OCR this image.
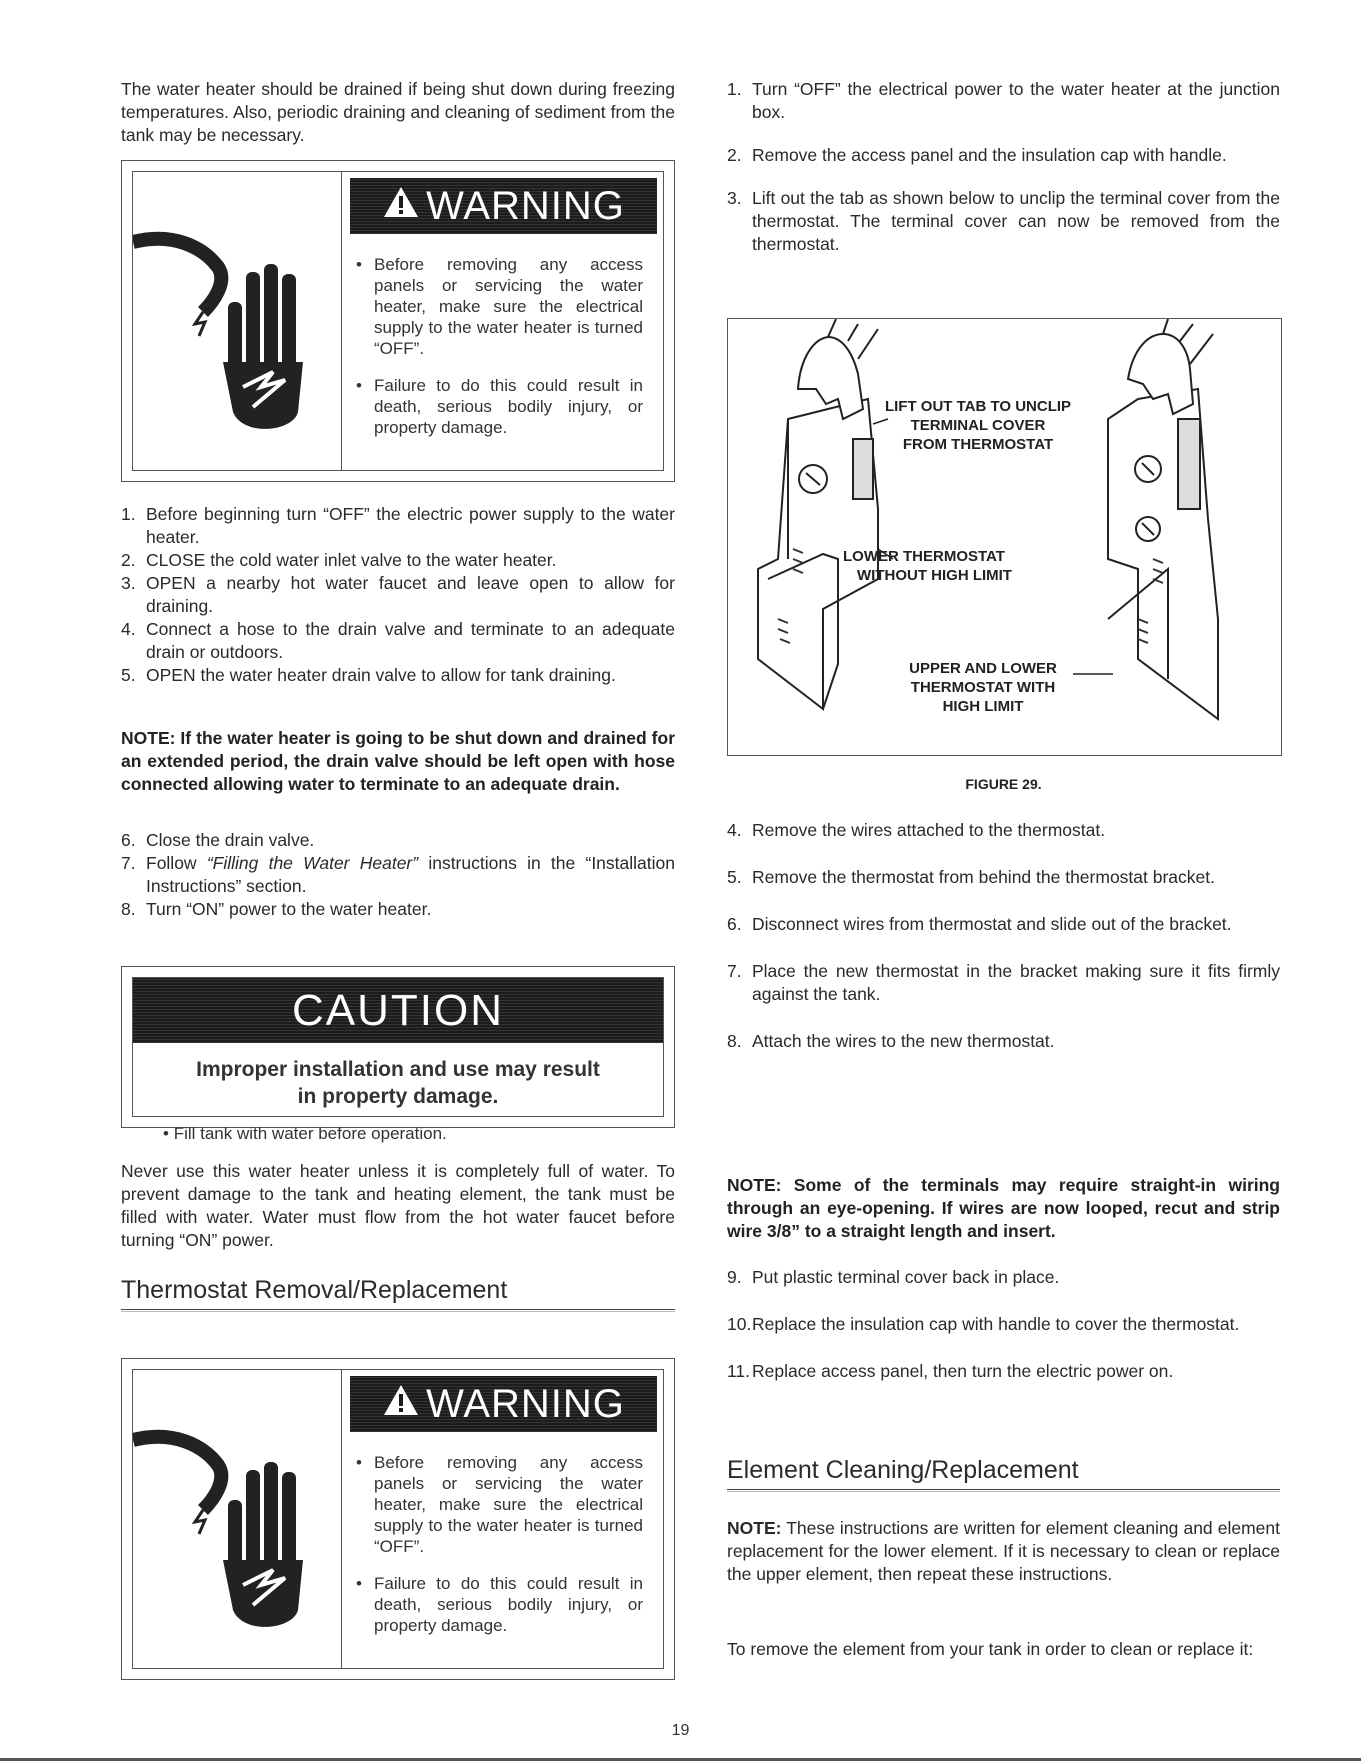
The water heater should be drained if being shut down during freezing temperatures. Also, periodic draining and cleaning of sediment from the tank may be necessary.

WARNING
• Before removing any access panels or servicing the water heater, make sure the electrical supply to the water heater is turned “OFF”.
• Failure to do this could result in death, serious bodily injury, or property damage.
1. Before beginning turn “OFF” the electric power supply to the water heater.
2. CLOSE the cold water inlet valve to the water heater.
3. OPEN a nearby hot water faucet and leave open to allow for draining.
4. Connect a hose to the drain valve and terminate to an adequate drain or outdoors.
5. OPEN the water heater drain valve to allow for tank draining.

NOTE: If the water heater is going to be shut down and drained for an extended period, the drain valve should be left open with hose connected allowing water to terminate to an adequate drain.

6. Close the drain valve.
7. Follow “Filling the Water Heater” instructions in the “Installation Instructions” section.
8. Turn “ON” power to the water heater.
CAUTION
Improper installation and use may result
in property damage.
• Fill tank with water before operation.

Never use this water heater unless it is completely full of water. To prevent damage to the tank and heating element, the tank must be filled with water. Water must flow from the hot water faucet before turning “ON” power.

Thermostat Removal/Replacement
WARNING
• Before removing any access panels or servicing the water heater, make sure the electrical supply to the water heater is turned “OFF”.
• Failure to do this could result in death, serious bodily injury, or property damage.
1. Turn “OFF” the electrical power to the water heater at the junction box.
2. Remove the access panel and the insulation cap with handle.
3. Lift out the tab as shown below to unclip the terminal cover from the thermostat. The terminal cover can now be removed from the thermostat.
LIFT OUT TAB TO UNCLIP
TERMINAL COVER
FROM THERMOSTAT
LOWER THERMOSTAT
WITHOUT HIGH LIMIT
UPPER AND LOWER
THERMOSTAT WITH
HIGH LIMIT
FIGURE 29.
4. Remove the wires attached to the thermostat.
5. Remove the thermostat from behind the thermostat bracket.
6. Disconnect wires from thermostat and slide out of the bracket.
7. Place the new thermostat in the bracket making sure it fits firmly against the tank.
8. Attach the wires to the new thermostat.

NOTE: Some of the terminals may require straight-in wiring through an eye-opening. If wires are now looped, recut and strip wire 3/8” to a straight length and insert.

9. Put plastic terminal cover back in place.
10. Replace the insulation cap with handle to cover the thermostat.
11. Replace access panel, then turn the electric power on.
Element Cleaning/Replacement

NOTE: These instructions are written for element cleaning and element replacement for the lower element. If it is necessary to clean or replace the upper element, then repeat these instructions.

To remove the element from your tank in order to clean or replace it:

19
